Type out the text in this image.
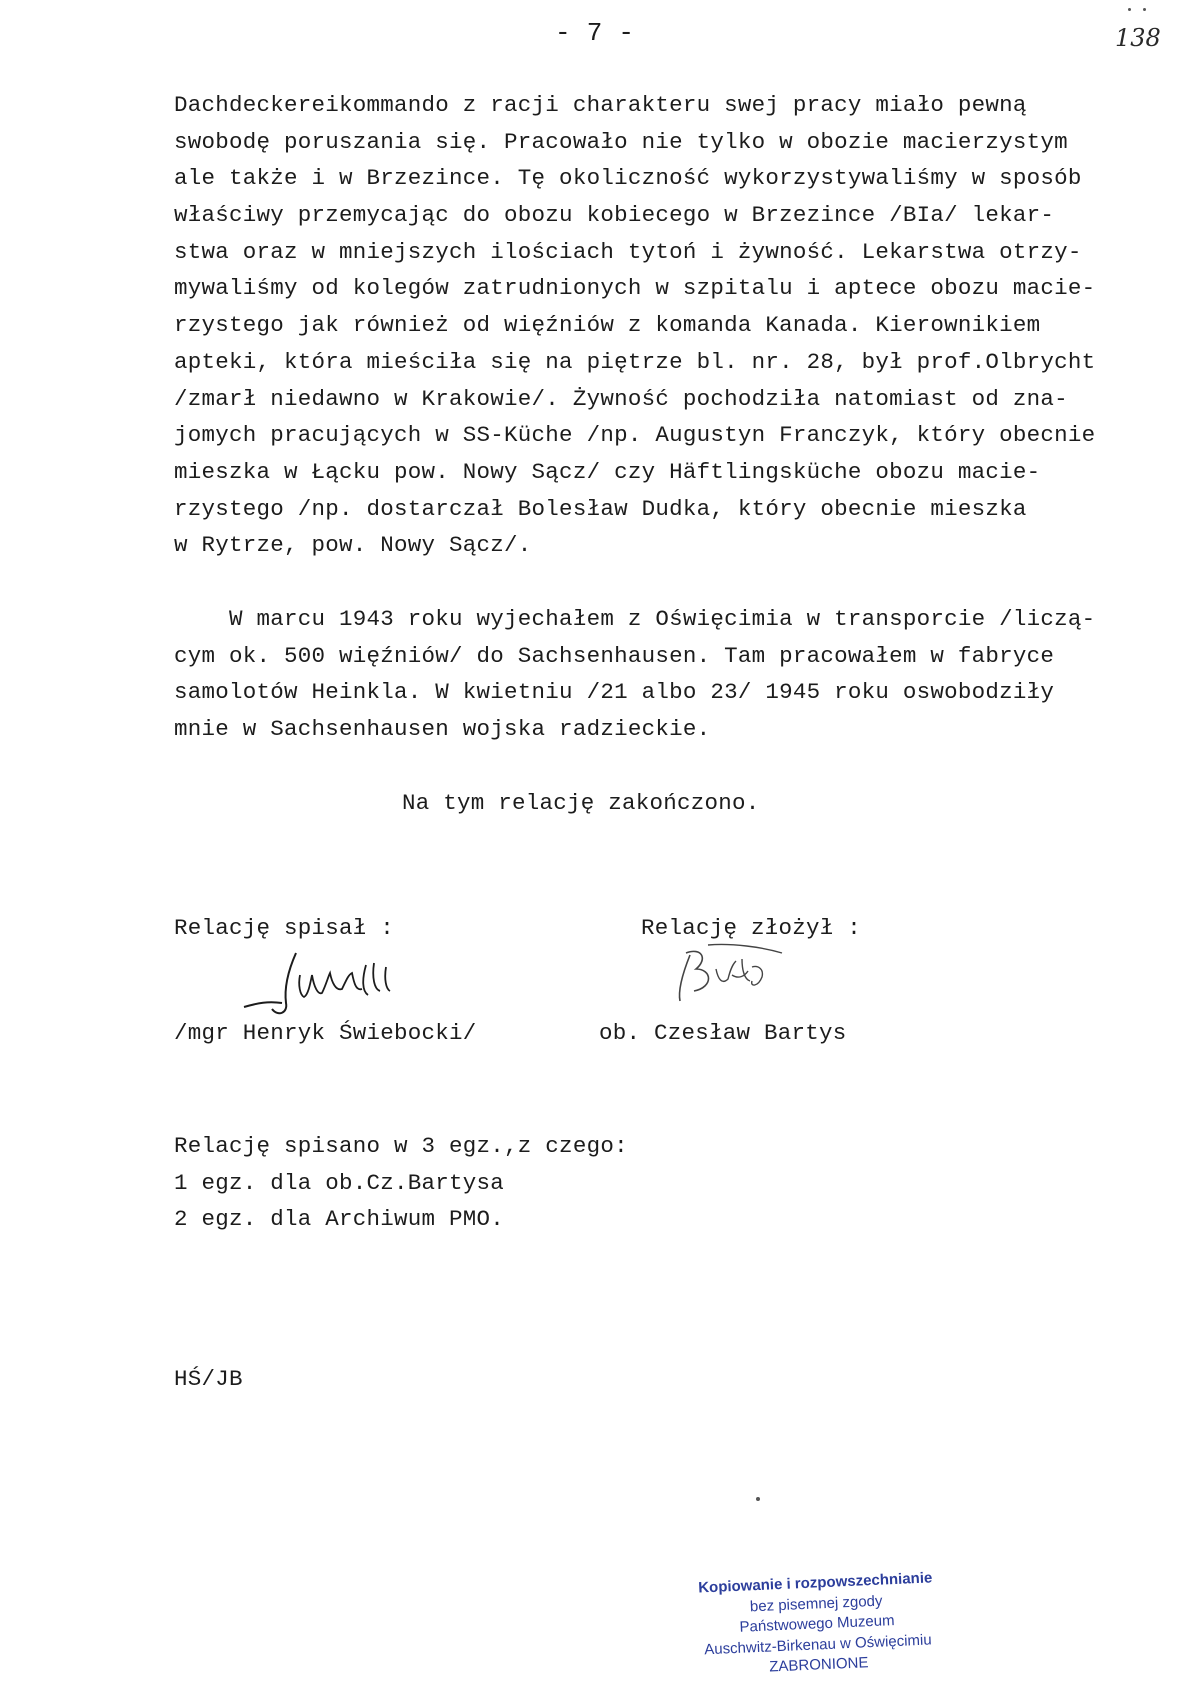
- 7 -	138
Dachdeckereikommando z racji charakteru swej pracy miało pewną
swobodę poruszania się. Pracowało nie tylko w obozie macierzystym
ale także i w Brzezince. Tę okoliczność wykorzystywaliśmy w sposób
właściwy przemycając do obozu kobiecego w Brzezince /BIa/ lekar-
stwa oraz w mniejszych ilościach tytoń i żywność. Lekarstwa otrzy-
mywaliśmy od kolegów zatrudnionych w szpitalu i aptece obozu macie-
rzystego jak również od więźniów z komanda Kanada. Kierownikiem
apteki, która mieściła się na piętrze bl. nr. 28, był prof.Olbrycht
/zmarł niedawno w Krakowie/. Żywność pochodziła natomiast od zna-
jomych pracujących w SS-Küche /np. Augustyn Franczyk, który obecnie
mieszka w Łącku pow. Nowy Sącz/ czy Häftlingsküche obozu macie-
rzystego /np. dostarczał Bolesław Dudka, który obecnie mieszka
w Rytrze, pow. Nowy Sącz/.
W marcu 1943 roku wyjechałem z Oświęcimia w transporcie /liczą-
cym ok. 500 więźniów/ do Sachsenhausen. Tam pracowałem w fabryce
samolotów Heinkla. W kwietniu /21 albo 23/ 1945 roku oswobodziły
mnie w Sachsenhausen wojska radzieckie.
Na tym relację zakończono.
Relację spisał :	Relację złożył :
/mgr Henryk Świebocki/	ob. Czesław Bartys
Relację spisano w 3 egz.,z czego:
1 egz. dla ob.Cz.Bartysa
2 egz. dla Archiwum PMO.
HŚ/JB
Kopiowanie i rozpowszechnianie
bez pisemnej zgody
Państwowego Muzeum
Auschwitz-Birkenau w Oświęcimiu
ZABRONIONE
